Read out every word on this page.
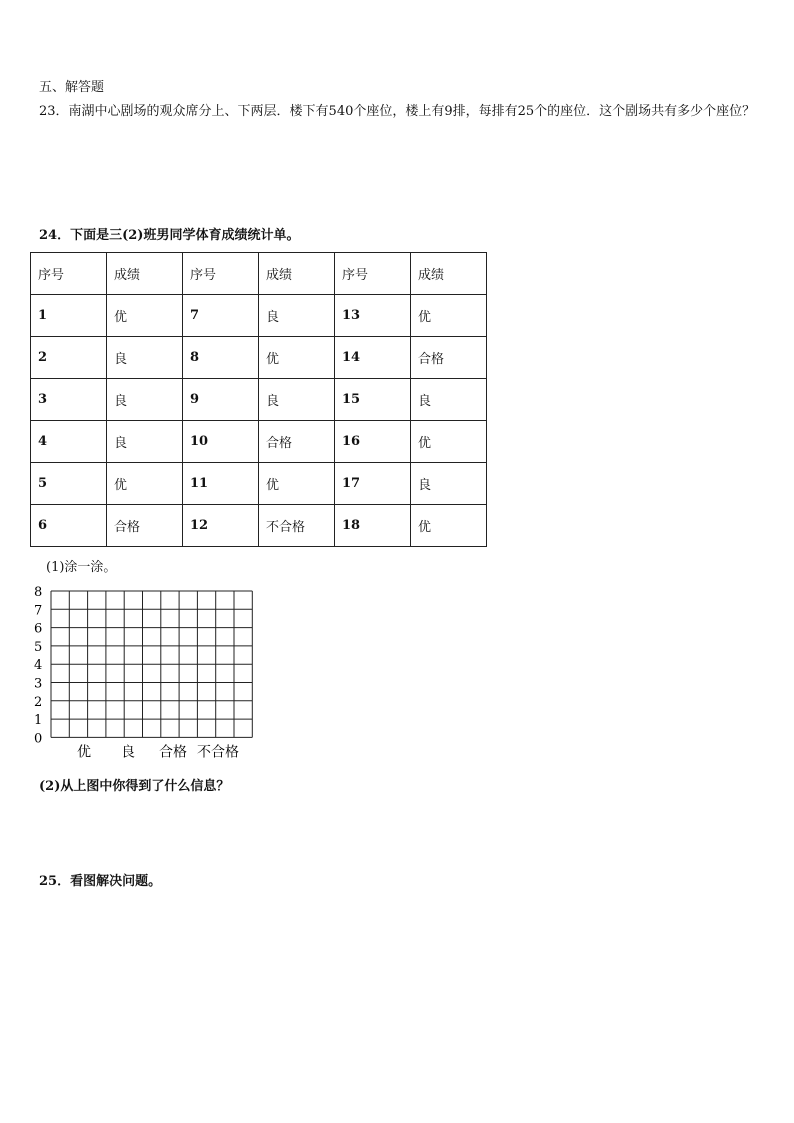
五、解答题
23．南湖中心剧场的观众席分上、下两层．楼下有540个座位，楼上有9排，每排有25个的座位．这个剧场共有多少个座位？
24．下面是三(2)班男同学体育成绩统计单。
序号	成绩	序号	成绩	序号	成绩
1	优	7	良	13	优
2	良	8	优	14	合格
3	良	9	良	15	良
4	良	10	合格	16	优
5	优	11	优	17	良
6	合格	12	不合格	18	优
(1)涂一涂。
0
1
2
3
4
5
6
7
8
优 良 合格 不合格
(2)从上图中你得到了什么信息？
25．看图解决问题。
